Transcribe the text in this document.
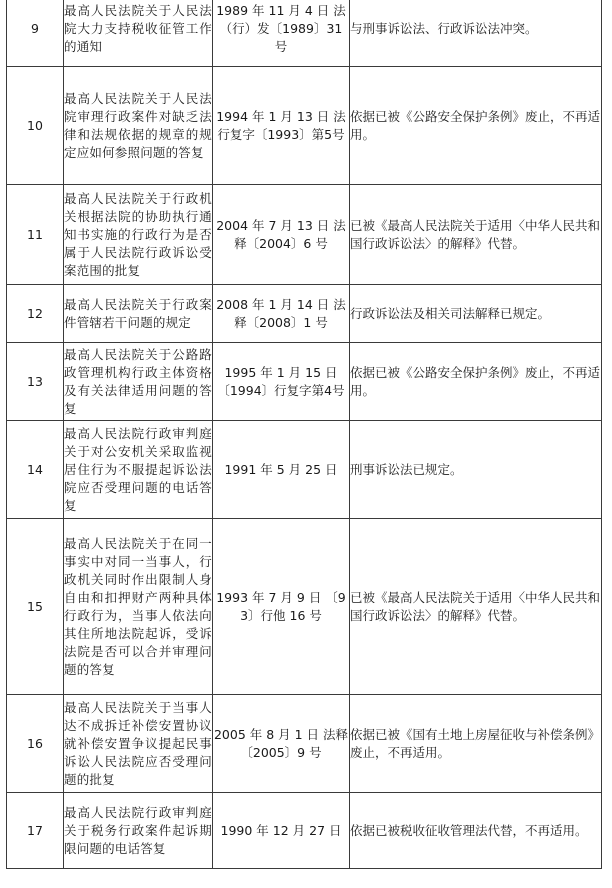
9	最高人民法院关于人民法院大力支持税收征管工作的通知	1989 年 11 月 4 日 法（行）发〔1989〕31 号	与刑事诉讼法、行政诉讼法冲突。
10	最高人民法院关于人民法院审理行政案件对缺乏法律和法规依据的规章的规定应如何参照问题的答复	1994 年 1 月 13 日 法行复字〔1993〕第5号	依据已被《公路安全保护条例》废止，不再适用。
11	最高人民法院关于行政机关根据法院的协助执行通知书实施的行政行为是否属于人民法院行政诉讼受案范围的批复	2004 年 7 月 13 日 法释〔2004〕6 号	已被《最高人民法院关于适用〈中华人民共和国行政诉讼法〉的解释》代替。
12	最高人民法院关于行政案件管辖若干问题的规定	2008 年 1 月 14 日 法释〔2008〕1 号	行政诉讼法及相关司法解释已规定。
13	最高人民法院关于公路路政管理机构行政主体资格及有关法律适用问题的答复	1995 年 1 月 15 日 〔1994〕行复字第4号	依据已被《公路安全保护条例》废止，不再适用。
14	最高人民法院行政审判庭关于对公安机关采取监视居住行为不服提起诉讼法院应否受理问题的电话答复	1991 年 5 月 25 日	刑事诉讼法已规定。
15	最高人民法院关于在同一事实中对同一当事人，行政机关同时作出限制人身自由和扣押财产两种具体行政行为，当事人依法向其住所地法院起诉，受诉法院是否可以合并审理问题的答复	1993 年 7 月 9 日 〔93〕行他 16 号	已被《最高人民法院关于适用〈中华人民共和国行政诉讼法〉的解释》代替。
16	最高人民法院关于当事人达不成拆迁补偿安置协议就补偿安置争议提起民事诉讼人民法院应否受理问题的批复	2005 年 8 月 1 日 法释〔2005〕9 号	依据已被《国有土地上房屋征收与补偿条例》废止，不再适用。
17	最高人民法院行政审判庭关于税务行政案件起诉期限问题的电话答复	1990 年 12 月 27 日	依据已被税收征收管理法代替，不再适用。
